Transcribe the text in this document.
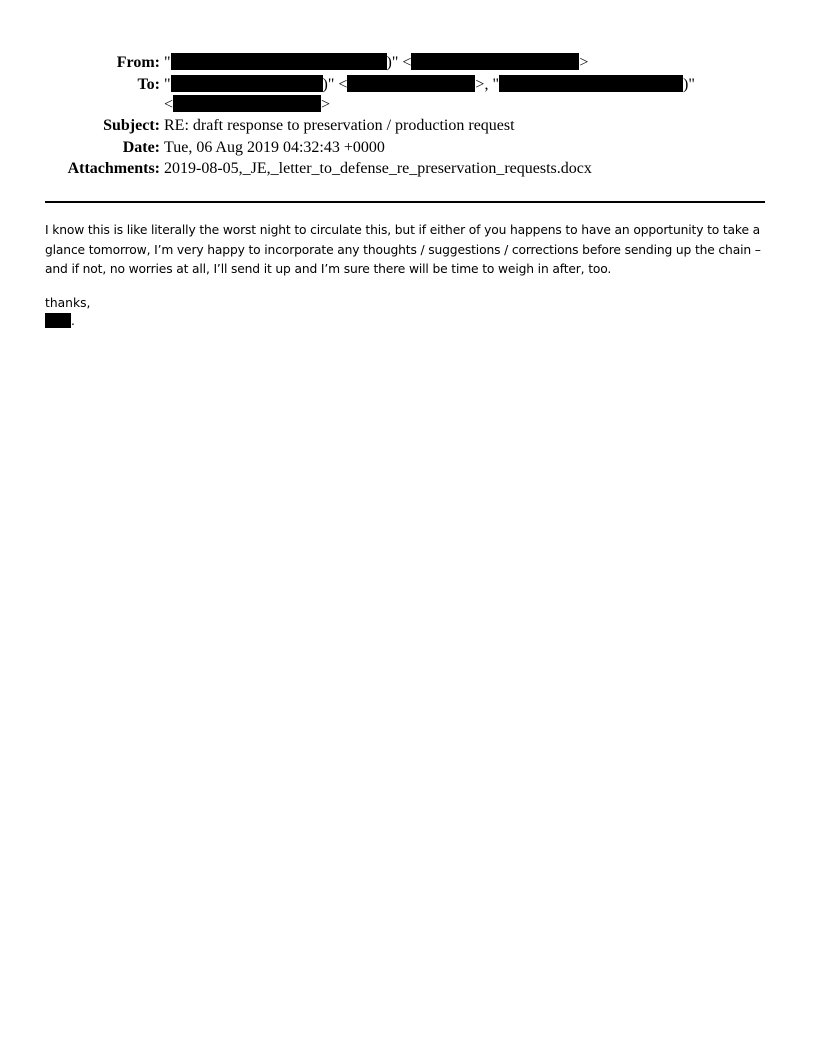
From: "	)" <	>
To: "	)" <	>, "	)"
<	>
Subject: RE: draft response to preservation / production request
Date: Tue, 06 Aug 2019 04:32:43 +0000
Attachments: 2019-08-05,_JE,_letter_to_defense_re_preservation_requests.docx

I know this is like literally the worst night to circulate this, but if either of you happens to have an opportunity to take a glance tomorrow, I’m very happy to incorporate any thoughts / suggestions / corrections before sending up the chain – and if not, no worries at all, I’ll send it up and I’m sure there will be time to weigh in after, too.

thanks,
.
